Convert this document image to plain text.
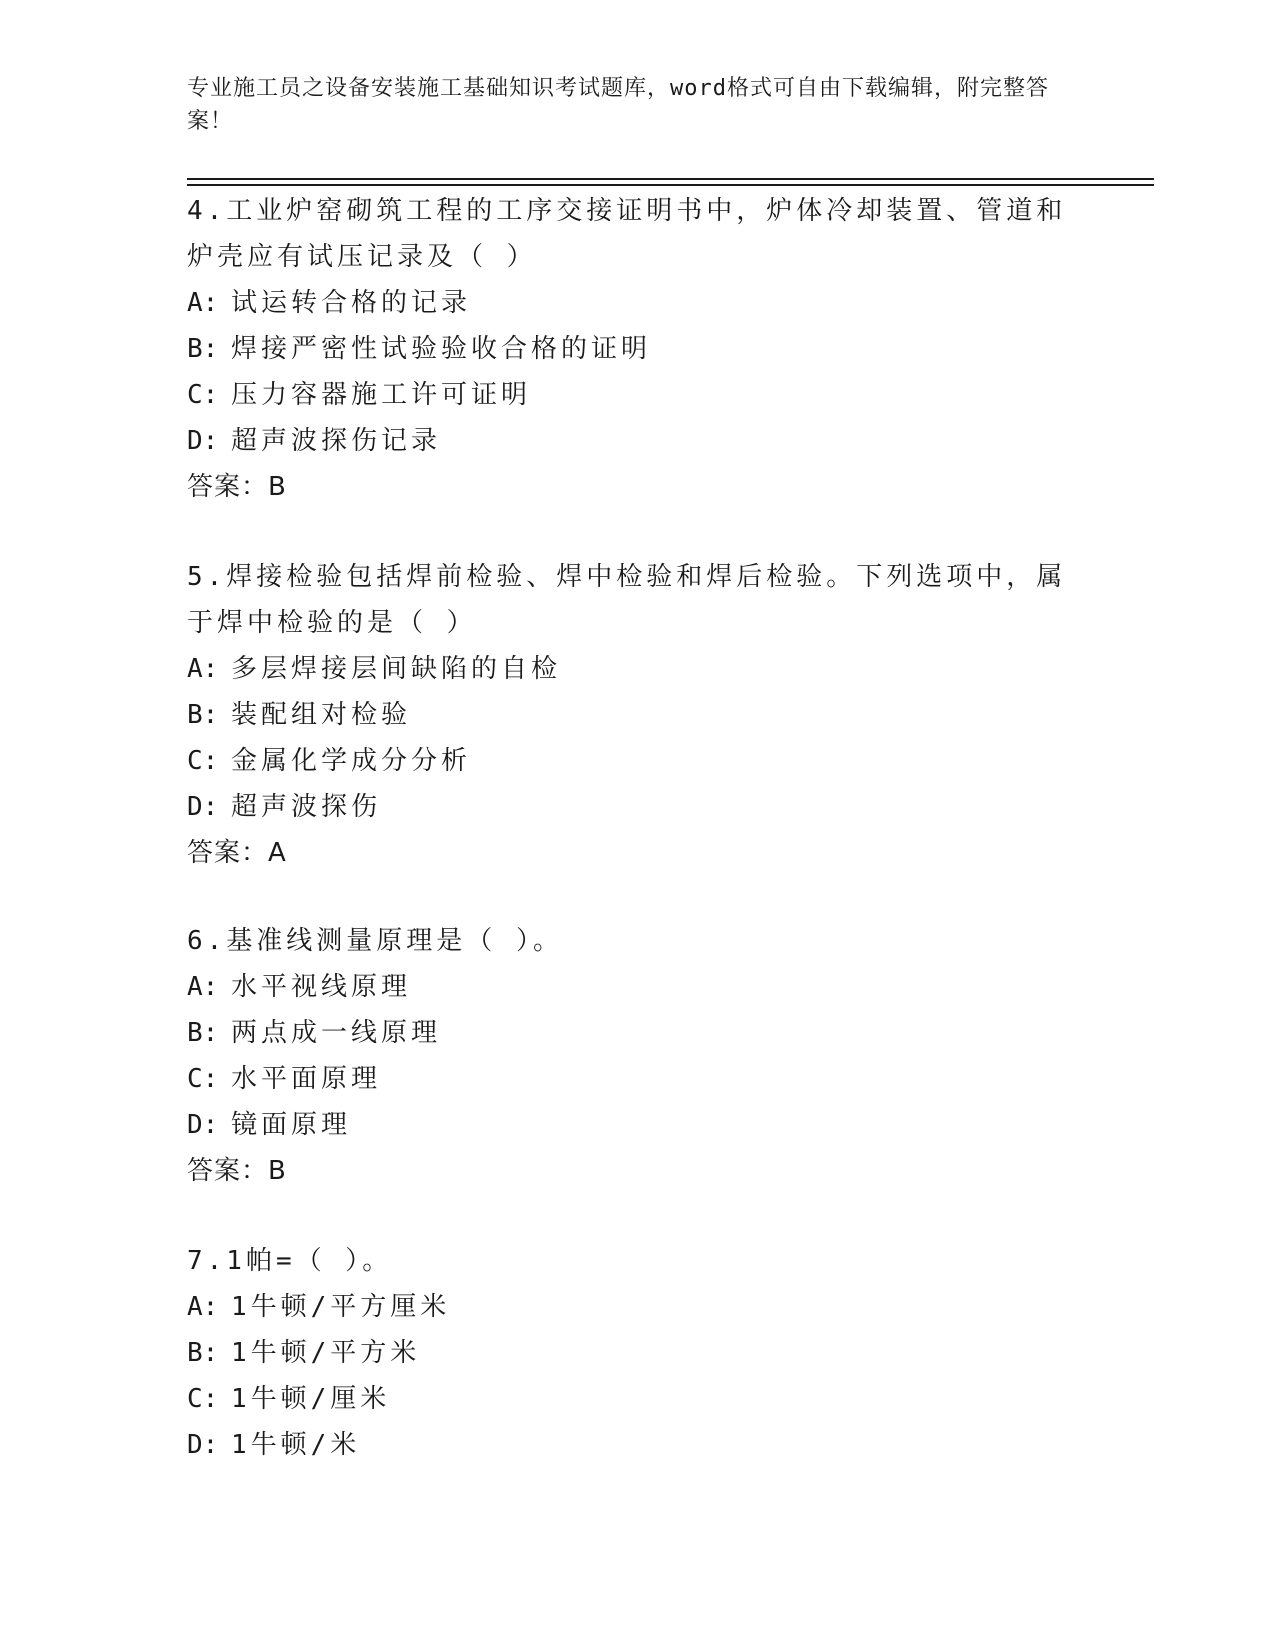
专业施工员之设备安装施工基础知识考试题库，word格式可自由下载编辑，附完整答案！

4.工业炉窑砌筑工程的工序交接证明书中，炉体冷却装置、管道和炉壳应有试压记录及（ ）

A: 试运转合格的记录

B: 焊接严密性试验验收合格的证明

C: 压力容器施工许可证明

D: 超声波探伤记录

答案：B

5.焊接检验包括焊前检验、焊中检验和焊后检验。下列选项中，属于焊中检验的是（ ）

A: 多层焊接层间缺陷的自检

B: 装配组对检验

C: 金属化学成分分析

D: 超声波探伤

答案：A

6.基准线测量原理是（ ）。

A: 水平视线原理

B: 两点成一线原理

C: 水平面原理

D: 镜面原理

答案：B

7.1帕=（ ）。

A: 1牛顿/平方厘米

B: 1牛顿/平方米

C: 1牛顿/厘米

D: 1牛顿/米
